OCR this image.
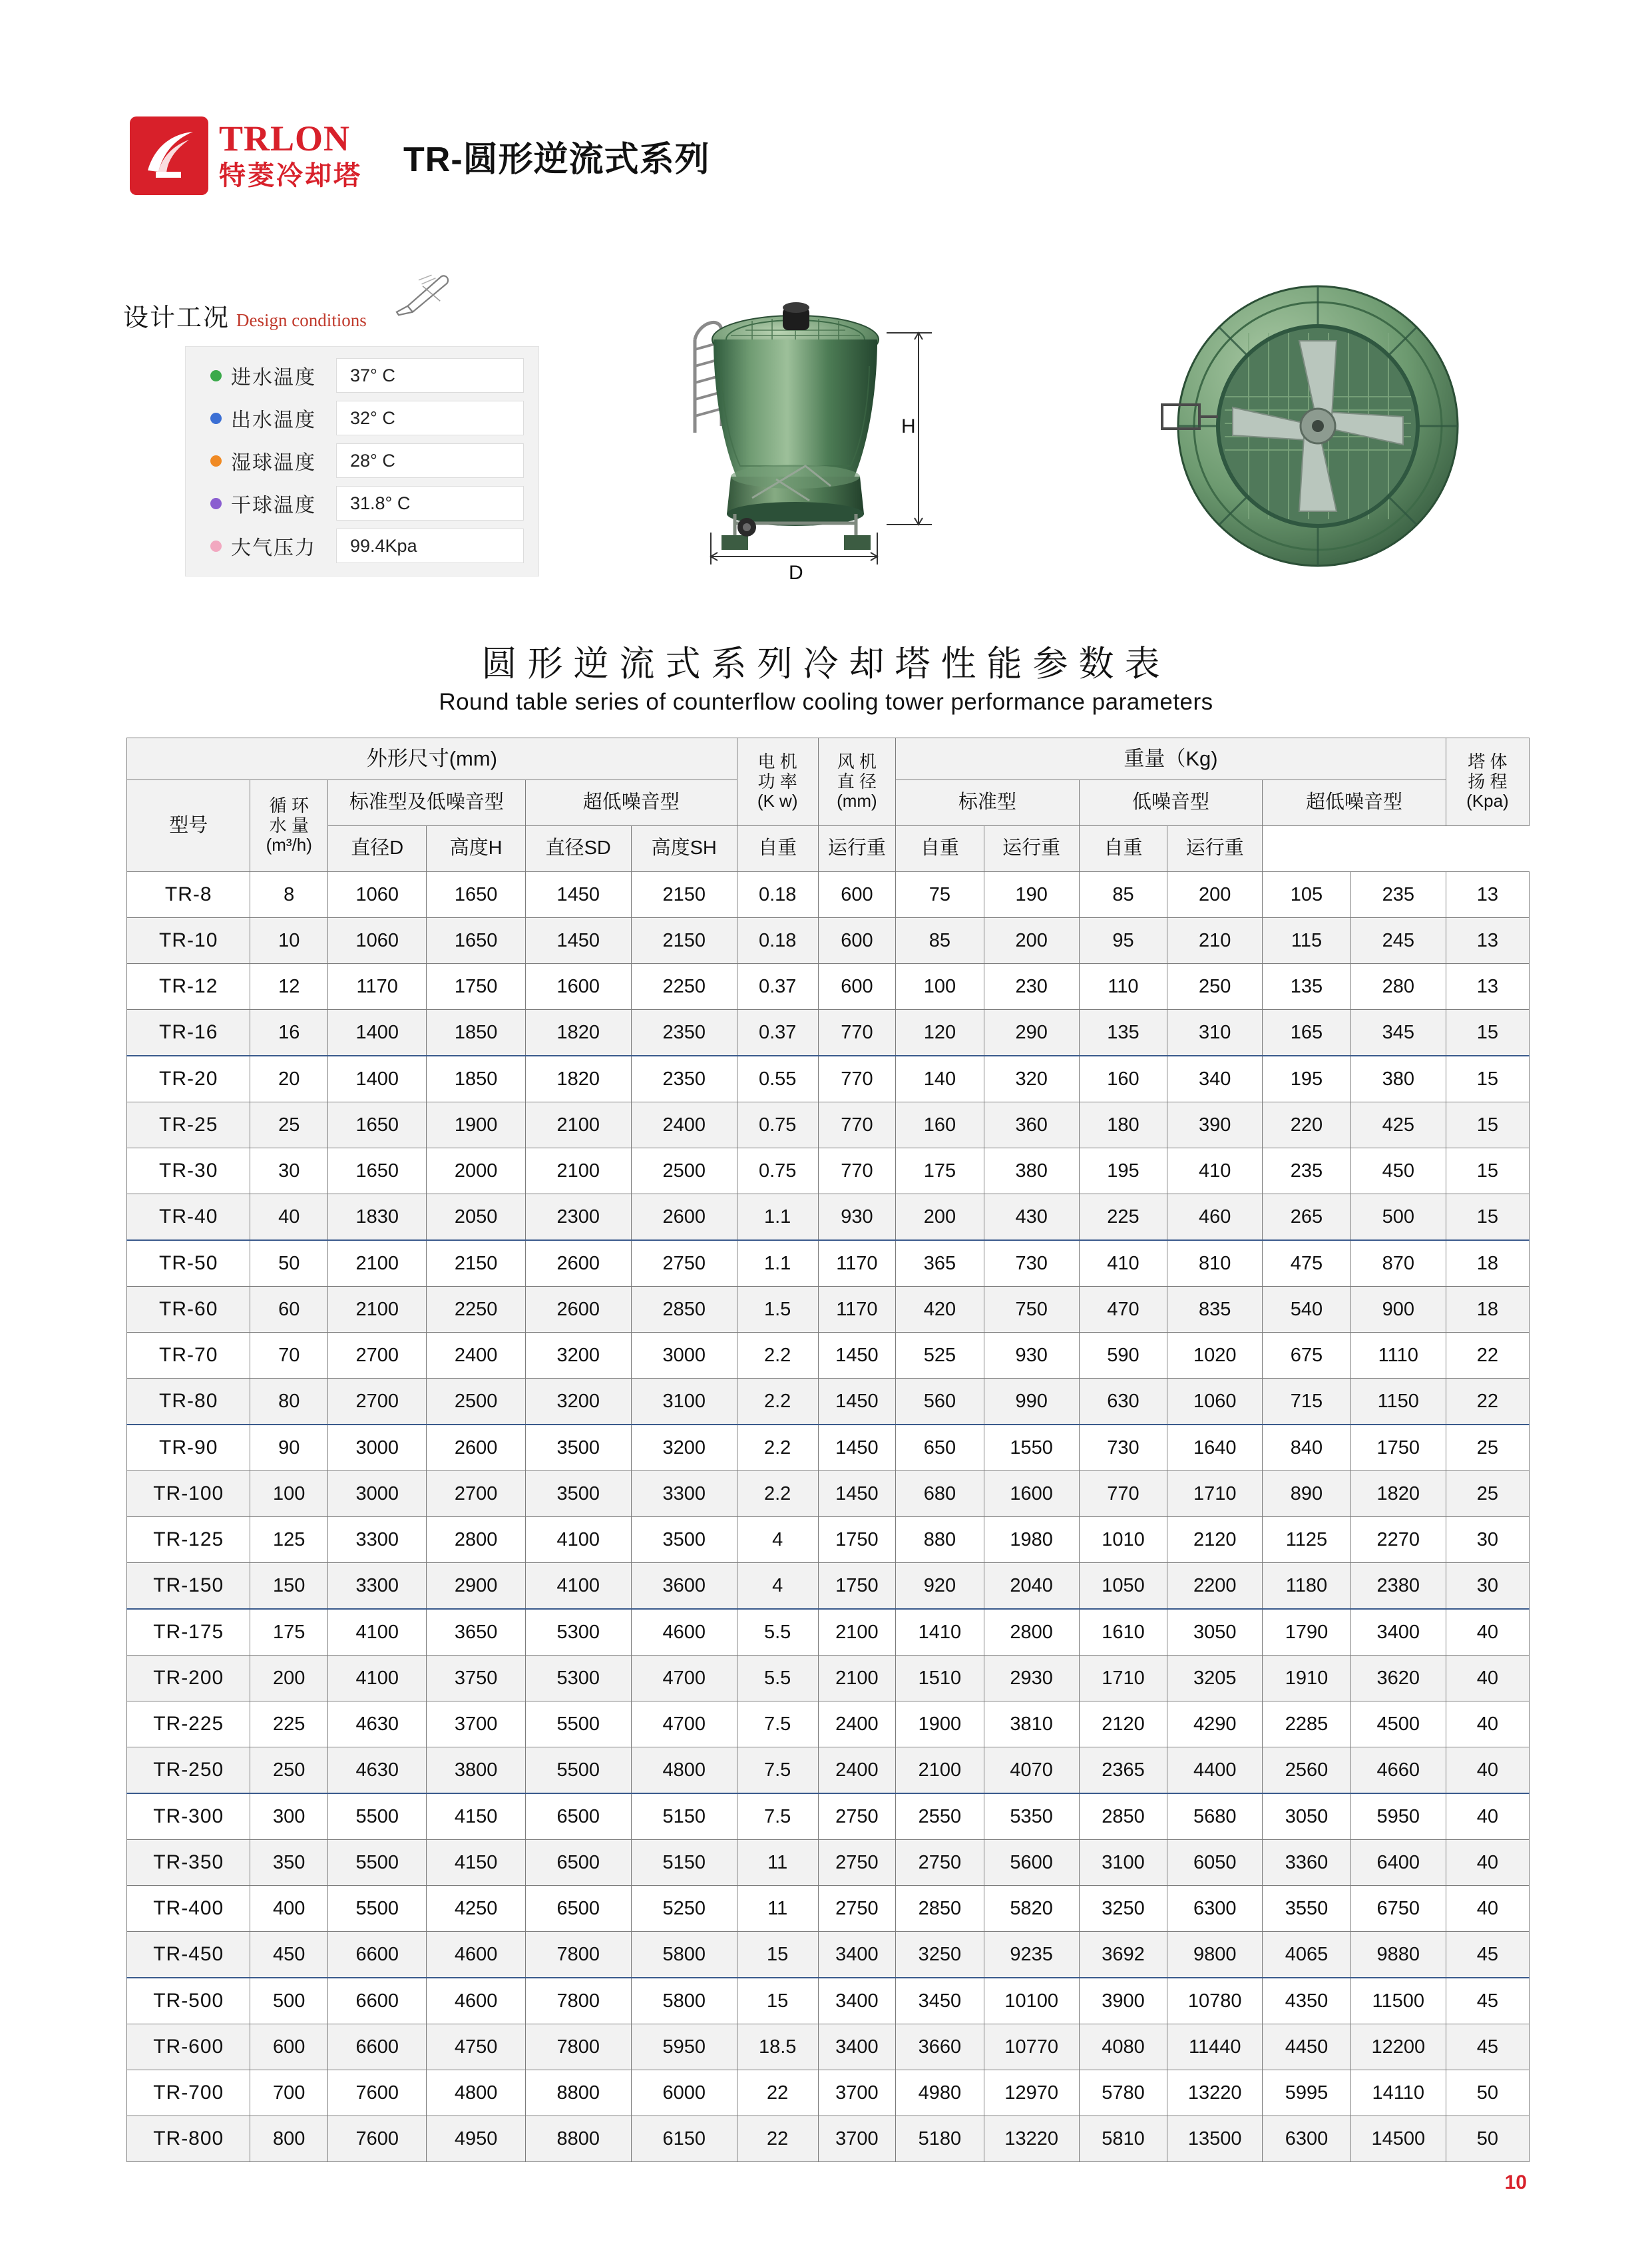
TRLON
特菱冷却塔 TR-圆形逆流式系列
设计工况 Design conditions
进水温度	37° C
出水温度	32° C
湿球温度	28° C
干球温度	31.8° C
大气压力	99.4Kpa
H
D
圆形逆流式系列冷却塔性能参数表
Round table series of counterflow cooling tower performance parameters
外形尺寸(mm)						电 机
功 率
(K w)	风 机
直 径
(mm)	重量（Kg)						塔 体
扬 程
(Kpa)

型号	循 环
水 量
(m³/h)	标准型及低噪音型		超低噪音型				标准型		低噪音型		超低噪音型		
		直径D	高度H	直径SD	高度SH	自重	运行重	自重	运行重	自重	运行重			
TR-8	8	1060	1650	1450	2150	0.18	600	75	190	85	200	105	235	13
TR-10	10	1060	1650	1450	2150	0.18	600	85	200	95	210	115	245	13
TR-12	12	1170	1750	1600	2250	0.37	600	100	230	110	250	135	280	13
TR-16	16	1400	1850	1820	2350	0.37	770	120	290	135	310	165	345	15
TR-20	20	1400	1850	1820	2350	0.55	770	140	320	160	340	195	380	15
TR-25	25	1650	1900	2100	2400	0.75	770	160	360	180	390	220	425	15
TR-30	30	1650	2000	2100	2500	0.75	770	175	380	195	410	235	450	15
TR-40	40	1830	2050	2300	2600	1.1	930	200	430	225	460	265	500	15
TR-50	50	2100	2150	2600	2750	1.1	1170	365	730	410	810	475	870	18
TR-60	60	2100	2250	2600	2850	1.5	1170	420	750	470	835	540	900	18
TR-70	70	2700	2400	3200	3000	2.2	1450	525	930	590	1020	675	1110	22
TR-80	80	2700	2500	3200	3100	2.2	1450	560	990	630	1060	715	1150	22
TR-90	90	3000	2600	3500	3200	2.2	1450	650	1550	730	1640	840	1750	25
TR-100	100	3000	2700	3500	3300	2.2	1450	680	1600	770	1710	890	1820	25
TR-125	125	3300	2800	4100	3500	4	1750	880	1980	1010	2120	1125	2270	30
TR-150	150	3300	2900	4100	3600	4	1750	920	2040	1050	2200	1180	2380	30
TR-175	175	4100	3650	5300	4600	5.5	2100	1410	2800	1610	3050	1790	3400	40
TR-200	200	4100	3750	5300	4700	5.5	2100	1510	2930	1710	3205	1910	3620	40
TR-225	225	4630	3700	5500	4700	7.5	2400	1900	3810	2120	4290	2285	4500	40
TR-250	250	4630	3800	5500	4800	7.5	2400	2100	4070	2365	4400	2560	4660	40
TR-300	300	5500	4150	6500	5150	7.5	2750	2550	5350	2850	5680	3050	5950	40
TR-350	350	5500	4150	6500	5150	11	2750	2750	5600	3100	6050	3360	6400	40
TR-400	400	5500	4250	6500	5250	11	2750	2850	5820	3250	6300	3550	6750	40
TR-450	450	6600	4600	7800	5800	15	3400	3250	9235	3692	9800	4065	9880	45
TR-500	500	6600	4600	7800	5800	15	3400	3450	10100	3900	10780	4350	11500	45
TR-600	600	6600	4750	7800	5950	18.5	3400	3660	10770	4080	11440	4450	12200	45
TR-700	700	7600	4800	8800	6000	22	3700	4980	12970	5780	13220	5995	14110	50
TR-800	800	7600	4950	8800	6150	22	3700	5180	13220	5810	13500	6300	14500	50
10
